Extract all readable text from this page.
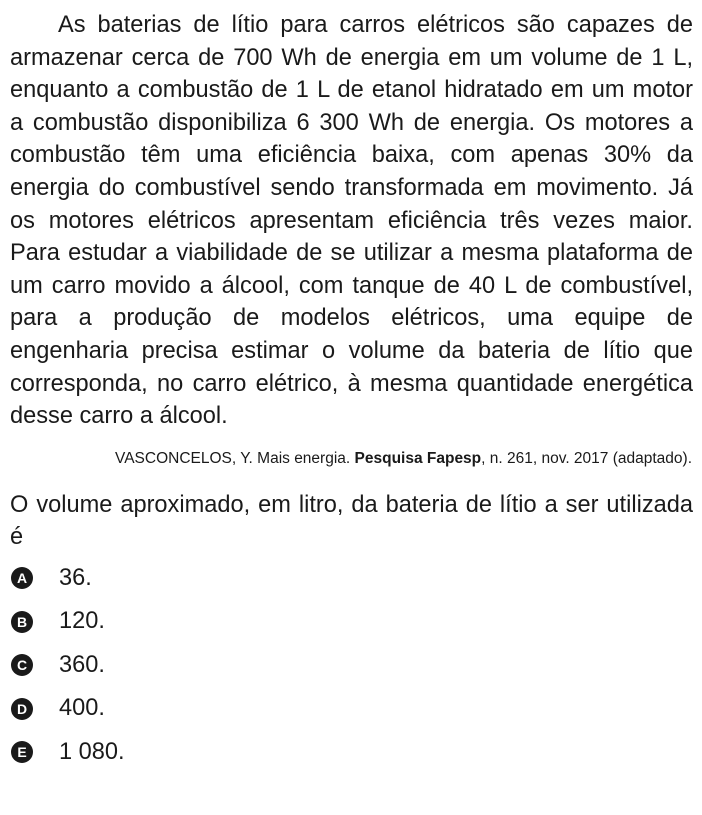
As baterias de lítio para carros elétricos são capazes de armazenar cerca de 700 Wh de energia em um volume de 1 L, enquanto a combustão de 1 L de etanol hidratado em um motor a combustão disponibiliza 6 300 Wh de energia. Os motores a combustão têm uma eficiência baixa, com apenas 30% da energia do combustível sendo transformada em movimento. Já os motores elétricos apresentam eficiência três vezes maior. Para estudar a viabilidade de se utilizar a mesma plataforma de um carro movido a álcool, com tanque de 40 L de combustível, para a produção de modelos elétricos, uma equipe de engenharia precisa estimar o volume da bateria de lítio que corresponda, no carro elétrico, à mesma quantidade energética desse carro a álcool.

VASCONCELOS, Y. Mais energia. Pesquisa Fapesp, n. 261, nov. 2017 (adaptado).

O volume aproximado, em litro, da bateria de lítio a ser utilizada é

A 36.
B 120.
C 360.
D 400.
E 1 080.
